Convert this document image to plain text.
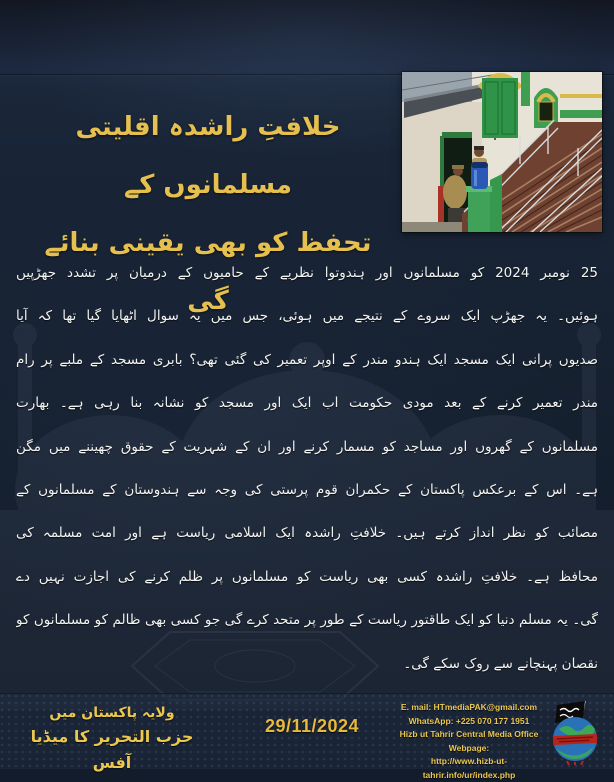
خلافتِ راشدہ اقلیتی مسلمانوں کے
تحفظ کو بھی یقینی بنائے گی
25 نومبر 2024 کو مسلمانوں اور ہندوتوا نظریے کے حامیوں کے درمیان پر تشدد جھڑپیں
ہوئیں۔ یہ جھڑپ ایک سروے کے نتیجے میں ہوئی، جس میں یہ سوال اٹھایا گیا تھا کہ آیا
صدیوں پرانی ایک مسجد ایک ہندو مندر کے اوپر تعمیر کی گئی تھی؟ بابری مسجد کے ملبے پر رام
مندر تعمیر کرنے کے بعد مودی حکومت اب ایک اور مسجد کو نشانہ بنا رہی ہے۔ بھارت
مسلمانوں کے گھروں اور مساجد کو مسمار کرنے اور ان کے شہریت کے حقوق چھیننے میں مگن
ہے۔ اس کے برعکس پاکستان کے حکمران قوم پرستی کی وجہ سے ہندوستان کے مسلمانوں کے
مصائب کو نظر انداز کرتے ہیں۔ خلافتِ راشدہ ایک اسلامی ریاست ہے اور امت مسلمہ کی
محافظ ہے۔ خلافتِ راشدہ کسی بھی ریاست کو مسلمانوں پر ظلم کرنے کی اجازت نہیں دے
گی۔ یہ مسلم دنیا کو ایک طاقتور ریاست کے طور پر متحد کرے گی جو کسی بھی ظالم کو مسلمانوں کو
نقصان پہنچانے سے روک سکے گی۔
ولایہ پاکستان میں
حزب التحریر کا میڈیا آفس
29/11/2024
E. mail: HTmediaPAK@gmail.com
WhatsApp: +225 070 177 1951
Hizb ut Tahrir Central Media Office Webpage:
http://www.hizb-ut-tahrir.info/ur/index.php
